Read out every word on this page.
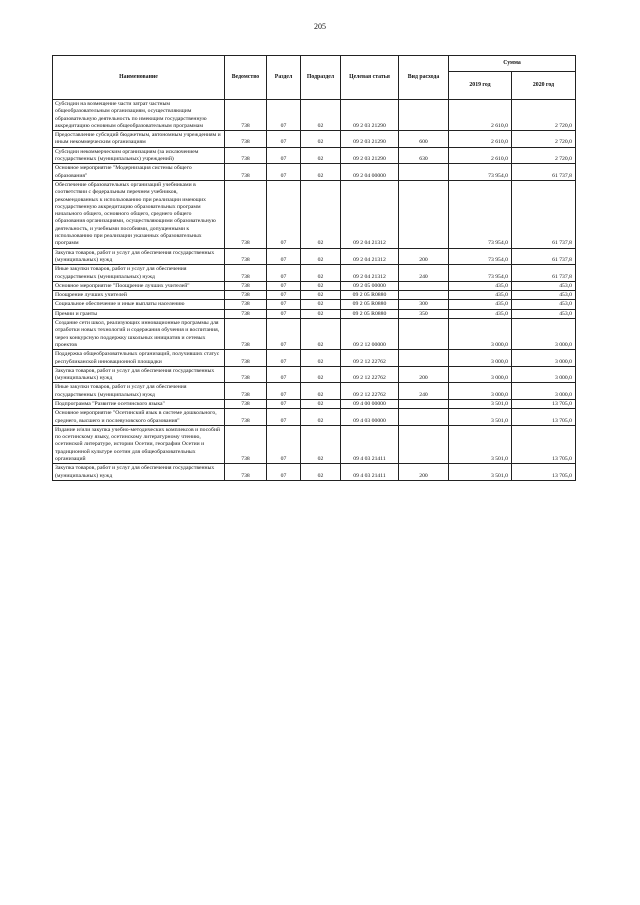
205
Наименование	Ведомство	Раздел	Подраздел	Целевая статья	Вид расхода	Сумма	
						2019 год	2020 год
Субсидии на возмещение части затрат частным общеобразовательным организациям, осуществляющим образовательную деятельность по имеющим государственную аккредитацию основным общеобразовательным программам	738	07	02	09 2 03 21290		2 610,0	2 720,0
Предоставление субсидий бюджетным, автономным учреждениям и иным некоммерческим организациям	738	07	02	09 2 03 21290	600	2 610,0	2 720,0
Субсидии некоммерческим организациям (за исключением государственных (муниципальных) учреждений)	738	07	02	09 2 03 21290	630	2 610,0	2 720,0
Основное мероприятие "Модернизация системы общего образования"	738	07	02	09 2 04 00000		73 954,0	61 737,8
Обеспечение образовательных организаций учебниками в соответствии с федеральным перечнем учебников, рекомендованных к использованию при реализации имеющих государственную аккредитацию образовательных программ начального общего, основного общего, среднего общего образования организациями, осуществляющими образовательную деятельность, и учебными пособиями, допущенными к использованию при реализации указанных образовательных программ	738	07	02	09 2 04 21312		73 954,0	61 737,8
Закупка товаров, работ и услуг для обеспечения государственных (муниципальных) нужд	738	07	02	09 2 04 21312	200	73 954,0	61 737,8
Иные закупки товаров, работ и услуг для обеспечения государственных (муниципальных) нужд	738	07	02	09 2 04 21312	240	73 954,0	61 737,8
Основное мероприятие "Поощрение лучших учителей"	738	07	02	09 2 05 00000		435,0	453,0
Поощрение лучших учителей	738	07	02	09 2 05 R0880		435,0	453,0
Социальное обеспечение и иные выплаты населению	738	07	02	09 2 05 R0880	300	435,0	453,0
Премии и гранты	738	07	02	09 2 05 R0880	350	435,0	453,0
Создание сети школ, реализующих инновационные программы для отработки новых технологий и содержания обучения и воспитания, через конкурсную поддержку школьных инициатив и сетевых проектов	738	07	02	09 2 12 00000		3 000,0	3 000,0
Поддержка общеобразовательных организаций, получивших статус республиканской инновационной площадки	738	07	02	09 2 12 22762		3 000,0	3 000,0
Закупка товаров, работ и услуг для обеспечения государственных (муниципальных) нужд	738	07	02	09 2 12 22762	200	3 000,0	3 000,0
Иные закупки товаров, работ и услуг для обеспечения государственных (муниципальных) нужд	738	07	02	09 2 12 22762	240	3 000,0	3 000,0
Подпрограмма "Развитие осетинского языка"	738	07	02	09 4 00 00000		3 501,0	13 705,0
Основное мероприятие "Осетинский язык в системе дошкольного, среднего, высшего и послевузовского образования"	738	07	02	09 4 03 00000		3 501,0	13 705,0
Издание и/или закупка учебно-методических комплексов и пособий по осетинскому языку, осетинскому литературному чтению, осетинской литературе, истории Осетии, географии Осетии и традиционной культуре осетин для общеобразовательных организаций	738	07	02	09 4 03 21411		3 501,0	13 705,0
Закупка товаров, работ и услуг для обеспечения государственных (муниципальных) нужд	738	07	02	09 4 03 21411	200	3 501,0	13 705,0
